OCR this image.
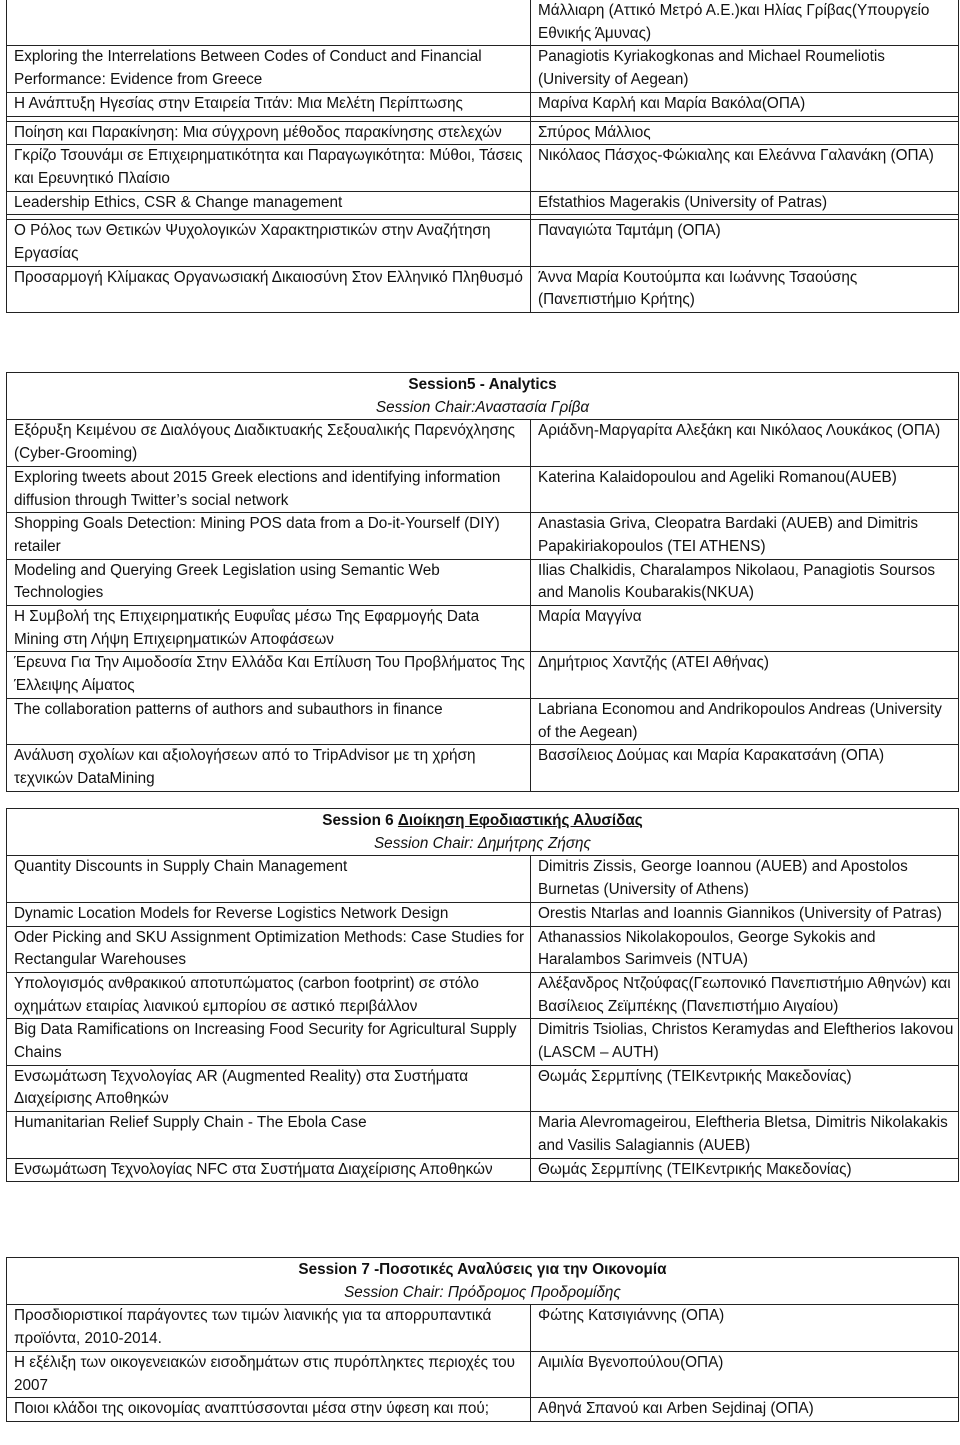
	Μάλλιαρη (Αττικό Μετρό Α.Ε.)και Ηλίας Γρίβας(Υπουργείο Εθνικής Άμυνας)
Exploring the Interrelations Between Codes of Conduct and Financial Performance: Evidence from Greece	Panagiotis Kyriakogkonas and Michael Roumeliotis (University of Aegean)
Η Ανάπτυξη Ηγεσίας στην Εταιρεία Τιτάν: Μια Μελέτη Περίπτωσης	Μαρίνα Καρλή και Μαρία Βακόλα(ΟΠΑ)

Ποίηση και Παρακίνηση: Μια σύγχρονη μέθοδος παρακίνησης στελεχών	Σπύρος Μάλλιος
Γκρίζο Τσουνάμι σε Επιχειρηματικότητα και Παραγωγικότητα: Μύθοι, Τάσεις και Ερευνητικό Πλαίσιο	Νικόλαος Πάσχος-Φώκιαλης και Ελεάννα Γαλανάκη (ΟΠΑ)
Leadership Ethics, CSR & Change management	Efstathios Magerakis (University of Patras)

Ο Ρόλος των Θετικών Ψυχολογικών Χαρακτηριστικών στην Αναζήτηση Εργασίας	Παναγιώτα Ταμτάμη (ΟΠΑ)
Προσαρμογή Κλίμακας Οργανωσιακή Δικαιοσύνη Στον Ελληνικό Πληθυσμό	Άννα Μαρία Κουτούμπα και Ιωάννης Τσαούσης (Πανεπιστήμιο Κρήτης)
Session5 - Analytics
Session Chair:Αναστασία Γρίβα	

Εξόρυξη Κειμένου σε Διαλόγους Διαδικτυακής Σεξουαλικής Παρενόχλησης (Cyber-Grooming)	Αριάδνη-Μαργαρίτα Αλεξάκη και Νικόλαος Λουκάκος (ΟΠΑ)
Exploring tweets about 2015 Greek elections and identifying information diffusion through Twitter’s social network	Katerina Kalaidopoulou and Ageliki Romanou(AUEB)
Shopping Goals Detection: Mining POS data from a Do-it-Yourself (DIY) retailer	Anastasia Griva, Cleopatra Bardaki (AUEB) and Dimitris Papakiriakopoulos (TEI ATHENS)
Modeling and Querying Greek Legislation using Semantic Web Technologies	Ilias Chalkidis, Charalampos Nikolaou, Panagiotis Soursos and Manolis Koubarakis(NKUA)
Η Συμβολή της Επιχειρηματικής Ευφυΐας μέσω Της Εφαρμογής Data Mining στη Λήψη Επιχειρηματικών Αποφάσεων	Μαρία Μαγγίνα
Έρευνα Για Την Αιμοδοσία Στην Ελλάδα Και Επίλυση Του Προβλήματος Της Έλλειψης Αίματος	Δημήτριος Χαντζής (ΑΤΕΙ Αθήνας)
The collaboration patterns of authors and subauthors in finance	Labriana Economou and Andrikopoulos Andreas (University of the Aegean)
Ανάλυση σχολίων και αξιολογήσεων από το TripAdvisor με τη χρήση τεχνικών DataMining	Βασσίλειος Δούμας και Μαρία Καρακατσάνη (ΟΠΑ)
Session 6 Διοίκηση Εφοδιαστικής Αλυσίδας
Session Chair: Δημήτρης Ζήσης	

Quantity Discounts in Supply Chain Management	Dimitris Zissis, George Ioannou (AUEB) and Apostolos Burnetas (University of Athens)
Dynamic Location Models for Reverse Logistics Network Design	Orestis Ntarlas and Ioannis Giannikos (University of Patras)
Oder Picking and SKU Assignment Optimization Methods: Case Studies for Rectangular Warehouses	Athanassios Nikolakopoulos, George Sykokis and Haralambos Sarimveis (NTUA)
Υπολογισμός ανθρακικού αποτυπώματος (carbon footprint) σε στόλο οχημάτων εταιρίας λιανικού εμπορίου σε αστικό περιβάλλον	Αλέξανδρος Ντζούφας(Γεωπονικό Πανεπιστήμιο Αθηνών) και Βασίλειος Ζεϊμπέκης (Πανεπιστήμιο Αιγαίου)
Big Data Ramifications on Increasing Food Security for Agricultural Supply Chains	Dimitris Tsiolias, Christos Keramydas and Eleftherios Iakovou (LASCM – AUTH)
Ενσωμάτωση Τεχνολογίας AR (Augmented Reality) στα Συστήματα Διαχείρισης Αποθηκών	Θωμάς Σερμπίνης (ΤΕΙΚεντρικής Μακεδονίας)
Humanitarian Relief Supply Chain - The Ebola Case	Maria Alevromageirou, Eleftheria Bletsa, Dimitris Nikolakakis and Vasilis Salagiannis (AUEB)
Ενσωμάτωση Τεχνολογίας NFC στα Συστήματα Διαχείρισης Αποθηκών	Θωμάς Σερμπίνης (ΤΕΙΚεντρικής Μακεδονίας)
Session 7 -Ποσοτικές Αναλύσεις για την Οικονομία
Session Chair: Πρόδρομος Προδρομίδης	

Προσδιοριστικοί παράγοντες των τιμών λιανικής για τα απορρυπαντικά προϊόντα, 2010-2014.	Φώτης Κατσιγιάννης (ΟΠΑ)
Η εξέλιξη των οικογενειακών εισοδημάτων στις πυρόπληκτες περιοχές του 2007	Αιμιλία Βγενοπούλου(ΟΠΑ)
Ποιοι κλάδοι της οικονομίας αναπτύσσονται μέσα στην ύφεση και πού;	Αθηνά Σπανού και Arben Sejdinaj (ΟΠΑ)
